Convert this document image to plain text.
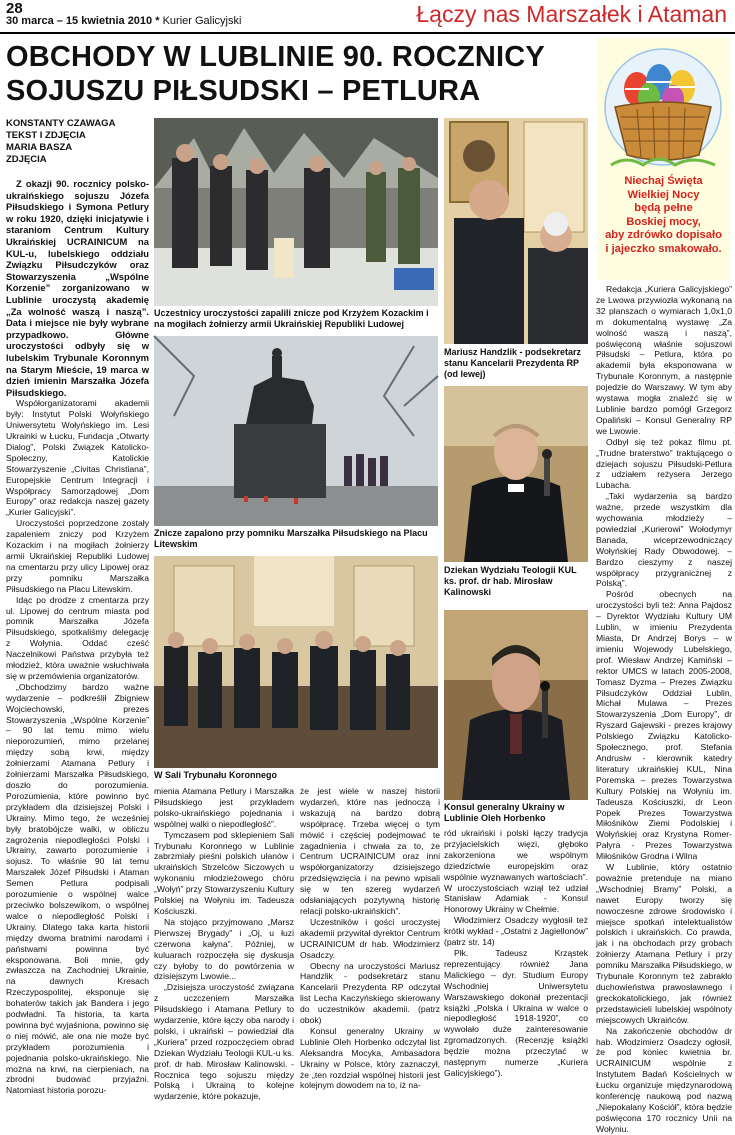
28
30 marca – 15 kwietnia 2010 * Kurier Galicyjski	Łączy nas Marszałek i Ataman
OBCHODY W LUBLINIE 90. ROCZNICY
SOJUSZU PIŁSUDSKI – PETLURA
Niechaj Święta
Wielkiej Nocy
będą pełne
Boskiej mocy,
aby zdrówko dopisało
i jajeczko smakowało.
KONSTANTY CZAWAGA
TEKST I ZDJĘCIA
MARIA BASZA
ZDJĘCIA

Z okazji 90. rocznicy polsko-ukraińskiego sojuszu Józefa Piłsudskiego i Symona Petlury w roku 1920, dzięki inicjatywie i staraniom Centrum Kultury Ukraińskiej UCRAINICUM na KUL-u, lubelskiego oddziału Związku Piłsudczyków oraz Stowarzyszenia „Wspólne Korzenie” zorganizowano w Lublinie uroczystą akademię „Za wolność waszą i naszą”. Data i miejsce nie były wybrane przypadkowo. Główne uroczystości odbyły się w lubelskim Trybunale Koronnym na Starym Mieście, 19 marca w dzień imienin Marszałka Józefa Piłsudskiego.

Współorganizatorami akademii były: Instytut Polski Wołyńskiego Uniwersytetu Wołyńskiego im. Lesi Ukrainki w Łucku, Fundacja „Otwarty Dialog”, Polski Związek Katolicko-Społeczny, Katolickie Stowarzyszenie „Civitas Christiana”, Europejskie Centrum Integracji i Współpracy Samorządowej „Dom Europy” oraz redakcja naszej gazety „Kurier Galicyjski”.

Uroczystości poprzedzone zostały zapaleniem zniczy pod Krzyżem Kozackim i na mogiłach żołnierzy armii Ukraińskiej Republiki Ludowej na cmentarzu przy ulicy Lipowej oraz przy pomniku Marszałka Piłsudskiego na Placu Litewskim.

Idąc po drodze z cmentarza przy ul. Lipowej do centrum miasta pod pomnik Marszałka Józefa Piłsudskiego, spotkaliśmy delegację z Wołynia. Oddać cześć Naczelnikowi Państwa przybyła też młodzież, która uważnie wsłuchiwała się w przemówienia organizatorów.

„Obchodzimy bardzo ważne wydarzenie – podkreślił Zbigniew Wojciechowski, prezes Stowarzyszenia „Wspólne Korzenie” – 90 lat temu mimo wielu nieporozumień, mimo przelanej między sobą krwi, między żołnierzami Atamana Petlury i żołnierzami Marszałka Piłsudskiego, doszło do porozumienia. Porozumienia, które powinno być przykładem dla dzisiejszej Polski i Ukrainy. Mimo tego, że wcześniej były bratobójcze walki, w obliczu zagrożenia niepodległości Polski i Ukrainy, zawarto porozumienie i sojusz. To właśnie 90 lat temu Marszałek Józef Piłsudski i Ataman Semen Petlura podpisali porozumienie o wspólnej walce przeciwko bolszewikom, o wspólnej walce o niepodległość Polski i Ukrainy. Dlatego taka karta historii między dwoma bratnimi narodami i państwami powinna być eksponowana. Boli mnie, gdy zwłaszcza na Zachodniej Ukrainie, na dawnych Kresach Rzeczypospolitej, eksponuje się bohaterów takich jak Bandera i jego podwładni. Ta historia, ta karta powinna być wyjaśniona, powinno się o niej mówić, ale ona nie może być przykładem porozumienia i pojednania polsko-ukraińskiego. Nie można na krwi, na cierpieniach, na zbrodni budować przyjaźni. Natomiast historia porozu-

Uczestnicy uroczystości zapalili znicze pod Krzyżem Kozackim i na mogiłach żołnierzy armii Ukraińskiej Republiki Ludowej
Znicze zapalono przy pomniku Marszałka Piłsudskiego na Placu Litewskim
W Sali Trybunału Koronnego

mienia Atamana Petlury i Marszałka Piłsudskiego jest przykładem polsko-ukraińskiego pojednania i wspólnej walki o niepodległość”.

Tymczasem pod sklepieniem Sali Trybunału Koronnego w Lublinie zabrzmiały pieśni polskich ułanów i ukraińskich Strzelców Siczowych u wykonaniu młodzieżowego chóru „Wołyń” przy Stowarzyszeniu Kultury Polskiej na Wołyniu im. Tadeusza Kościuszki.

Na stojąco przyjmowano „Marsz Pierwszej Brygady” i „Oj, u łuzi czerwona kałyna”. Później, w kuluarach rozpoczęła się dyskusja czy byłoby to do powtórzenia w dzisiejszym Lwowie...

„Dzisiejsza uroczystość związana z uczczeniem Marszałka Piłsudskiego i Atamana Petlury to wydarzenie, które łączy oba narody i polski, i ukraiński – powiedział dla „Kuriera” przed rozpoczęciem obrad Dziekan Wydziału Teologii KUL-u ks. prof. dr hab. Mirosław Kalinowski. - Rocznica tego sojuszu między Polską i Ukrainą to kolejne wydarzenie, które pokazuje,

że jest wiele w naszej historii wydarzeń, które nas jednoczą i wskazują na bardzo dobrą współpracę. Trzeba więcej o tym mówić i częściej podejmować te zagadnienia i chwała za to, że Centrum UCRAINICUM oraz inni współorganizatorzy dzisiejszego przedsięwzięcia i na pewno wpisali się w ten szereg wydarzeń odsłaniających pozytywną historię relacji polsko-ukraińskich”.

Uczestników i gości uroczystej akademii przywitał dyrektor Centrum UCRAINICUM dr hab. Włodzimierz Osadczy.

Obecny na uroczystości Mariusz Handzlik - podsekretarz stanu Kancelarii Prezydenta RP odczytał list Lecha Kaczyńskiego skierowany do uczestników akademii. (patrz obok)

Konsul generalny Ukrainy w Lublinie Oleh Horbenko odczytał list Aleksandra Mocyka, Ambasadora Ukrainy w Polsce, który zaznaczył, że „ten rozdział wspólnej historii jest kolejnym dowodem na to, iż na-

Mariusz Handzlik - podsekretarz stanu Kancelarii Prezydenta RP (od lewej)
Dziekan Wydziału Teologii KUL ks. prof. dr hab. Mirosław Kalinowski
Konsul generalny Ukrainy w Lublinie Oleh Horbenko

ród ukraiński i polski łączy tradycja przyjacielskich więzi, głęboko zakorzeniona we wspólnym dziedzictwie europejskim oraz wspólnie wyznawanych wartościach”. W uroczystościach wziął też udział Stanisław Adamiak - Konsul Honorowy Ukrainy w Chełmie.

Włodzimierz Osadczy wygłosił też krótki wykład - „Ostatni z Jagiellonów” (patrz str. 14)

Płk. Tadeusz Krząstek reprezentujący również Jana Malickiego – dyr. Studium Europy Wschodniej Uniwersytetu Warszawskiego dokonał prezentacji książki „Polska i Ukraina w walce o niepodległość 1918-1920”, co wywołało duże zainteresowanie zgromadzonych. (Recenzję książki będzie można przeczytać w następnym numerze „Kuriera Galicyjskiego”).

Redakcja „Kuriera Galicyjskiego” ze Lwowa przywiozła wykonaną na 32 planszach o wymiarach 1,0x1,0 m dokumentalną wystawę „Za wolność waszą i naszą”, poświęconą właśnie sojuszowi Piłsudski – Petlura, która po akademii była eksponowana w Trybunale Koronnym, a następnie pojedzie do Warszawy. W tym aby wystawa mogła znaleźć się w Lublinie bardzo pomógł Grzegorz Opaliński – Konsul Generalny RP we Lwowie.

Odbył się też pokaz filmu pt. „Trudne braterstwo” traktującego o dziejach sojuszu Piłsudski-Petlura z udziałem reżysera Jerzego Lubacha.

„Taki wydarzenia są bardzo ważne, przede wszystkim dla wychowania młodzieży – powiedział „Kurierowi” Wołodymyr Banada, wiceprzewodniczący Wołyńskiej Rady Obwodowej. – Bardzo cieszymy z naszej współpracy przygranicznej z Polską”.

Pośród obecnych na uroczystości byli też: Anna Pajdosz – Dyrektor Wydziału Kultury UM Lublin, w imieniu Prezydenta Miasta, Dr Andrzej Borys – w imieniu Wojewody Lubelskiego, prof. Wiesław Andrzej Kamiński – rektor UMCS w latach 2005-2008, Tomasz Dyzma – Prezes Związku Piłsudczyków Oddział Lublin, Michał Mulawa – Prezes Stowarzyszenia „Dom Europy”, dr Ryszard Gajewski - prezes krajowy Polskiego Związku Katolicko-Społecznego, prof. Stefania Andrusiw - kierownik katedry literatury ukraińskiej KUL, Nina Poremska – prezes Towarzystwa Kultury Polskiej na Wołyniu im. Tadeusza Kościuszki, dr Leon Popek Prezes Towarzystwa Miłośników Ziemi Podolskiej i Wołyńskiej oraz Krystyna Romer-Pałyra - Prezes Towarzystwa Miłośników Grodna i Wilna

W Lublinie, który ostatnio poważnie pretenduje na miano „Wschodniej Bramy” Polski, a nawet Europy tworzy się nowoczesne zdrowe środowisko i miejsce spotkań intelektualistów polskich i ukraińskich. Co prawda, jak i na obchodach przy grobach żołnierzy Atamana Petlury i przy pomniku Marszałka Piłsudskiego, w Trybunale Koronnym też zabrakło duchowieństwa prawosławnego i greckokatolickiego, jak również przedstawicieli lubelskiej wspólnoty miejscowych Ukraińców.

Na zakończenie obchodów dr hab. Włodzimierz Osadczy ogłosił, że pod koniec kwietnia br. UCRAINICUM wspólnie z Instytutem Badań Kościelnych w Łucku organizuje międzynarodową konferencję naukową pod nazwą „Niepokalany Kościół”, która będzie poświęcona 170 rocznicy Unii na Wołyniu.
